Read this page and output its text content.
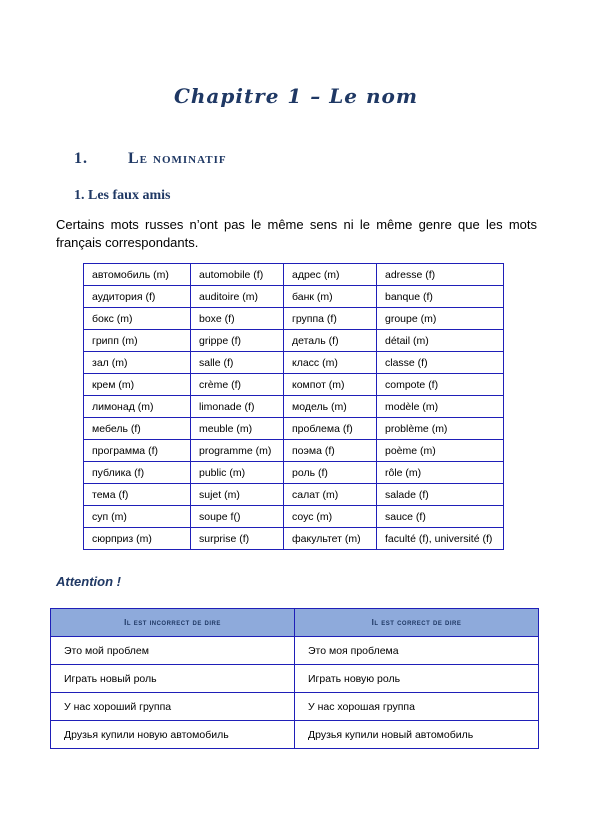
Chapitre 1 – Le nom
1.	Le nominatif
1. Les faux amis
Certains mots russes n’ont pas le même sens ni le même genre que les mots français correspondants.
автомобиль (m)	automobile (f)	адрес (m)	adresse (f)
аудитория (f)	auditoire (m)	банк (m)	banque (f)
бокс (m)	boxe (f)	группа (f)	groupe (m)
грипп (m)	grippe (f)	деталь (f)	détail (m)
зал (m)	salle (f)	класс (m)	classe (f)
крем (m)	crème (f)	компот (m)	compote (f)
лимонад (m)	limonade (f)	модель (m)	modèle (m)
мебель (f)	meuble (m)	проблема (f)	problème (m)
программа (f)	programme (m)	поэма (f)	poème (m)
публика (f)	public (m)	роль (f)	rôle (m)
тема (f)	sujet (m)	салат (m)	salade (f)
суп (m)	soupe f()	соус (m)	sauce (f)
сюрприз (m)	surprise (f)	факультет (m)	faculté (f), université (f)
Attention !
Il est incorrect de dire	Il est correct de dire
Это мой проблем	Это моя проблема
Играть новый роль	Играть новую роль
У нас хороший группа	У нас хорошая группа
Друзья купили новую автомобиль	Друзья купили новый автомобиль
